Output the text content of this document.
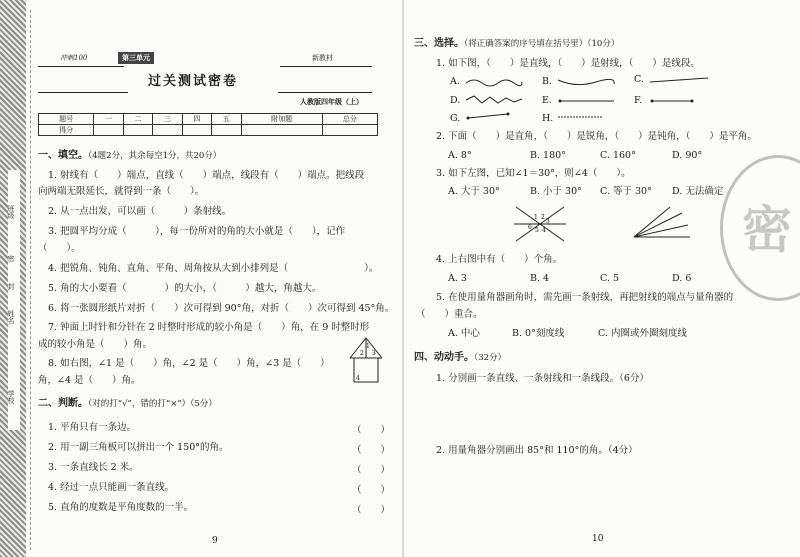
班级
密
封
姓名
学校
冲刺100	第三单元	新教材
过关测试密卷
人教版四年级（上）
题号	一	二	三	四	五	附加题	总分
得分							
一、填空。（4题2分，其余每空1分，共20分）
1. 射线有（　　）端点，直线（　　）端点，线段有（　　）端点。把线段
向两端无限延长，就得到一条（　　）。
2. 从一点出发，可以画（　　　）条射线。
3. 把圆平均分成（　　　），每一份所对的角的大小就是（　　），记作
（　　）。
4. 把锐角、钝角、直角、平角、周角按从大到小排列是（　　　　　　　　）。
5. 角的大小要看（　　　　）的大小，（　　　）越大，角越大。
6. 将一张圆形纸片对折（　　）次可得到 90°角，对折（　　）次可得到 45°角。
7. 钟面上时针和分针在 2 时整时形成的较小角是（　　）角，在 9 时整时形
成的较小角是（　　）角。
8. 如右图，∠1 是（　　）角，∠2 是（　　）角，∠3 是（　　）
角，∠4 是（　　）角。
1
2 3
4
二、判断。（对的打“√”，错的打“×”）（5分）
1. 平角只有一条边。	（　　）
2. 用一副三角板可以拼出一个 150°的角。	（　　）
3. 一条直线长 2 米。	（　　）
4. 经过一点只能画一条直线。	（　　）
5. 直角的度数是平角度数的一半。	（　　）
9
密
三、选择。（将正确答案的序号填在括号里）（10分）
1. 如下图，（　　）是直线，（　　）是射线，（　　）是线段。
A.	B.	C.
D.	E.	F.
G.	H.
2. 下面（　　）是直角，（　　）是锐角，（　　）是钝角，（　　）是平角。
A. 8°	B. 180°	C. 160°	D. 90°
3. 如下左图，已知∠1＝30°，则∠4（　　）。
A. 大于 30°	B. 小于 30° C. 等于 30° D. 无法确定
1 2
3
4
5
6
4. 上右图中有（　　）个角。
A. 3	B. 4	C. 5	D. 6
5. 在使用量角器画角时，需先画一条射线，再把射线的端点与量角器的
（　　）重合。
A. 中心	B. 0°刻度线	C. 内圈或外圈刻度线
四、动动手。（32分）
1. 分别画一条直线、一条射线和一条线段。（6分）
2. 用量角器分别画出 85°和 110°的角。（4分）
10
